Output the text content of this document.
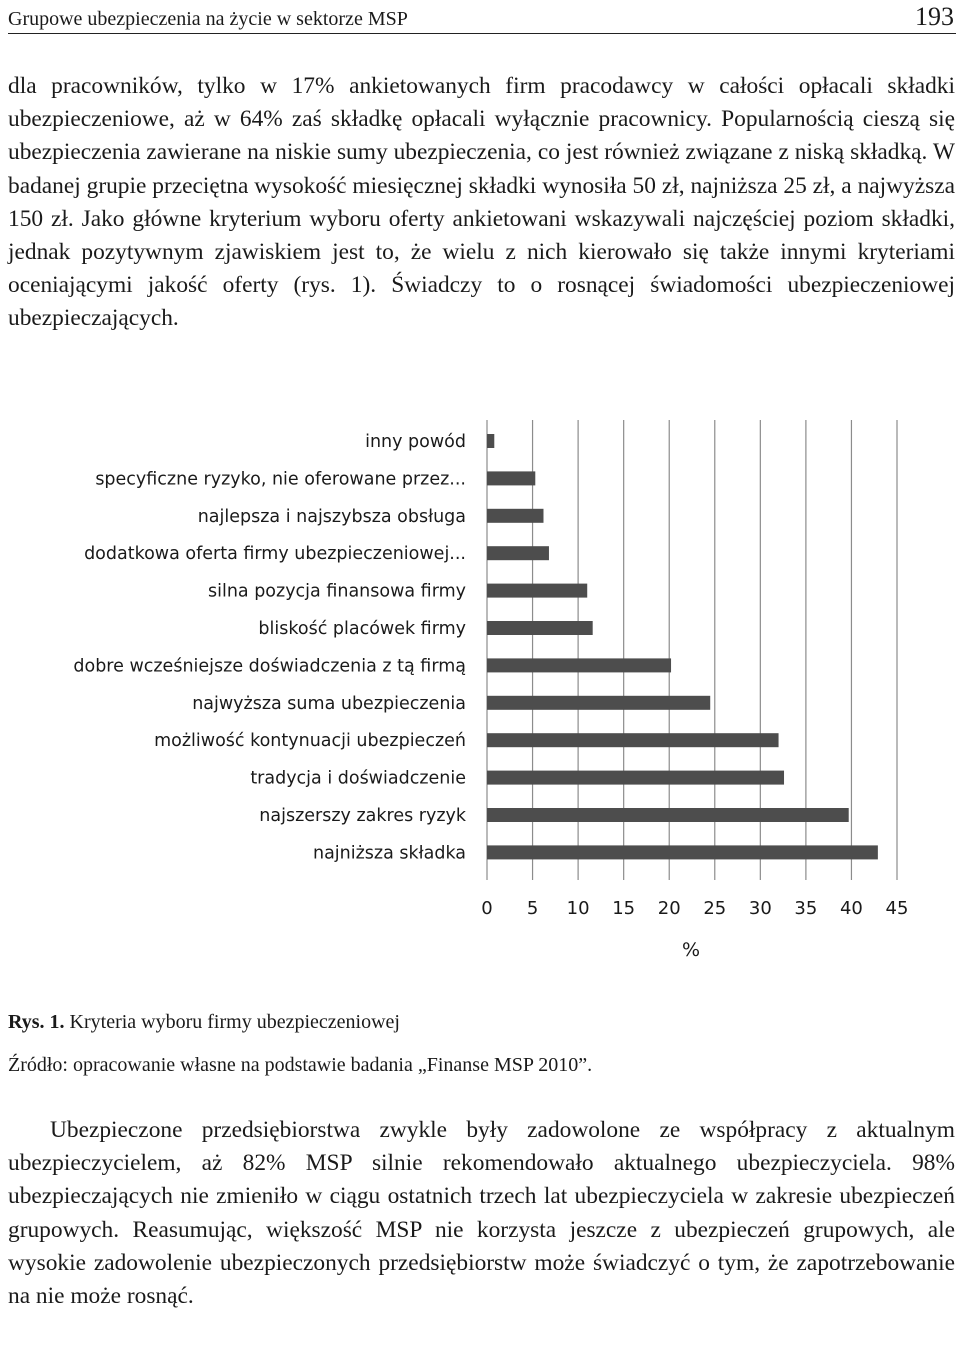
Grupowe ubezpieczenia na życie w sektorze MSP	193

dla pracowników, tylko w 17% ankietowanych firm pracodawcy w całości opłacali składki ubezpieczeniowe, aż w 64% zaś składkę opłacali wyłącznie pracownicy. Popularnością cieszą się ubezpieczenia zawierane na niskie sumy ubezpieczenia, co jest również związane z niską składką. W badanej grupie przeciętna wysokość miesięcznej składki wynosiła 50 zł, najniższa 25 zł, a najwyższa 150 zł. Jako główne kryterium wyboru oferty ankietowani wskazywali najczęściej poziom składki, jednak pozytywnym zjawiskiem jest to, że wielu z nich kierowało się także innymi kryteriami oceniającymi jakość oferty (rys. 1). Świadczy to o rosnącej świadomości ubezpieczeniowej ubezpieczających.

0 5 10 15 20 25 30 35 40 45
inny powód
specyficzne ryzyko, nie oferowane przez...
najlepsza i najszybsza obsługa
dodatkowa oferta firmy ubezpieczeniowej...
silna pozycja finansowa firmy
bliskość placówek firmy
dobre wcześniejsze doświadczenia z tą firmą
najwyższa suma ubezpieczenia
możliwość kontynuacji ubezpieczeń
tradycja i doświadczenie
najszerszy zakres ryzyk
najniższa składka
%
Rys. 1. Kryteria wyboru firmy ubezpieczeniowej
Źródło: opracowanie własne na podstawie badania „Finanse MSP 2010”.

Ubezpieczone przedsiębiorstwa zwykle były zadowolone ze współpracy z aktualnym ubezpieczycielem, aż 82% MSP silnie rekomendowało aktualnego ubezpieczyciela. 98% ubezpieczających nie zmieniło w ciągu ostatnich trzech lat ubezpieczyciela w zakresie ubezpieczeń grupowych. Reasumując, większość MSP nie korzysta jeszcze z ubezpieczeń grupowych, ale wysokie zadowolenie ubezpieczonych przedsiębiorstw może świadczyć o tym, że zapotrzebowanie na nie może rosnąć.
